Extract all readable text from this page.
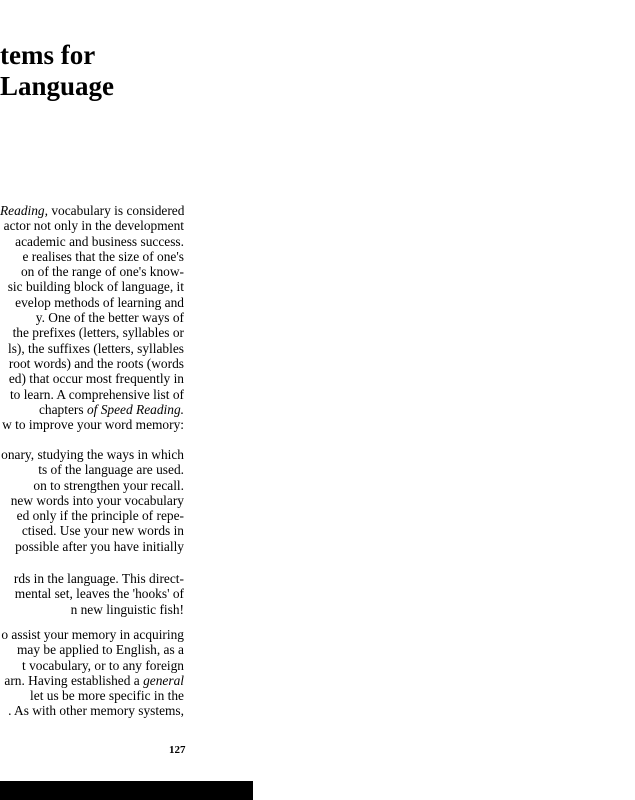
tems for
Language
Reading, vocabulary is considered
actor not only in the development
academic and business success.
e realises that the size of one's
on of the range of one's know-
sic building block of language, it
evelop methods of learning and
y. One of the better ways of
the prefixes (letters, syllables or
ls), the suffixes (letters, syllables
root words) and the roots (words
ed) that occur most frequently in
to learn. A comprehensive list of
chapters of Speed Reading.
w to improve your word memory:
onary, studying the ways in which
ts of the language are used.
on to strengthen your recall.
new words into your vocabulary
ed only if the principle of repe-
ctised. Use your new words in
possible after you have initially
rds in the language. This direct-
mental set, leaves the 'hooks' of
n new linguistic fish!
o assist your memory in acquiring
may be applied to English, as a
t vocabulary, or to any foreign
arn. Having established a general
let us be more specific in the
. As with other memory systems,
127
